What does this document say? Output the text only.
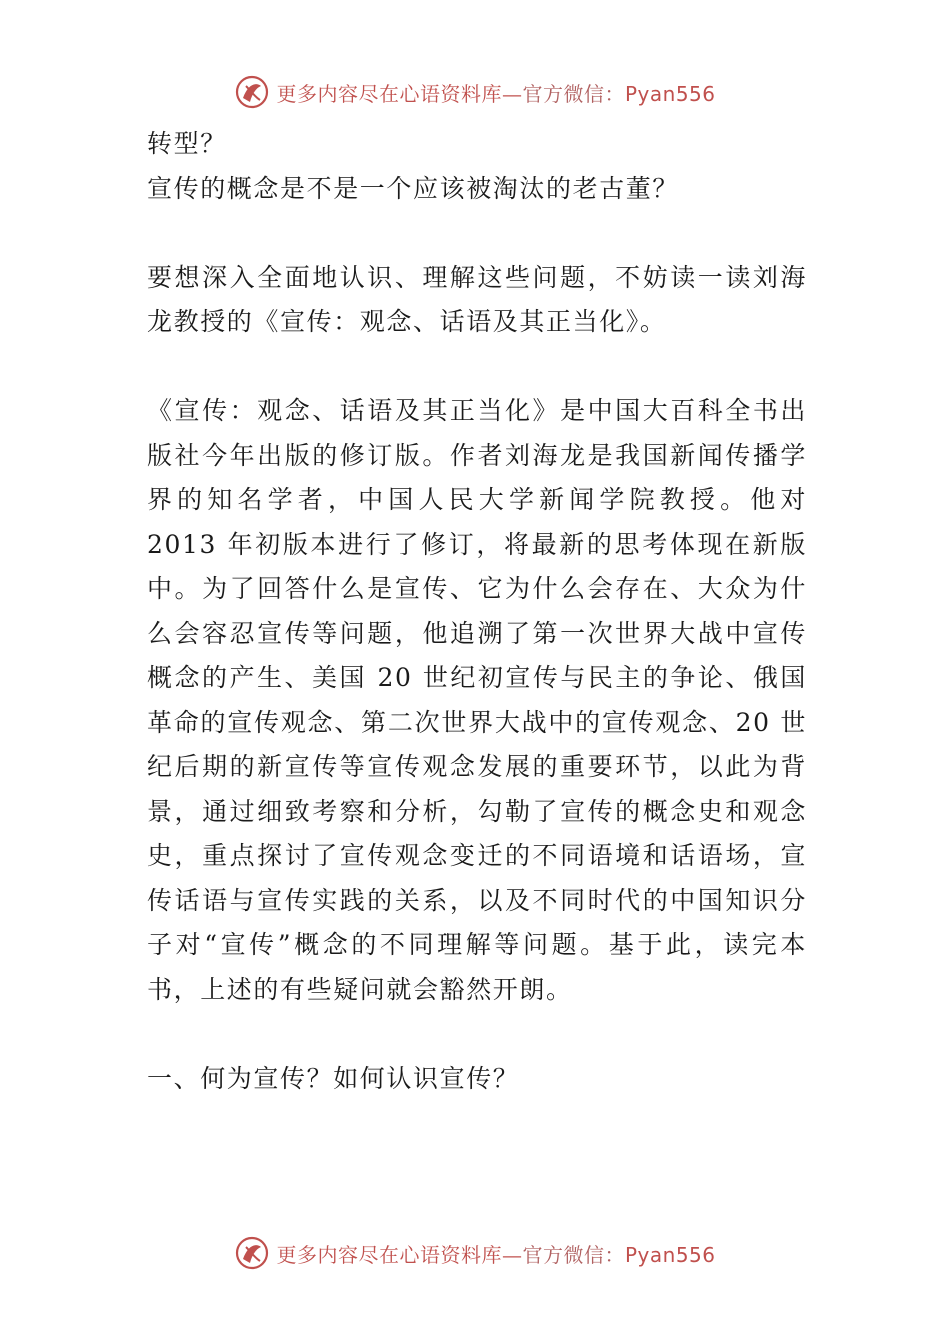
更多内容尽在心语资料库—官方微信：Pyan556

转型？

宣传的概念是不是一个应该被淘汰的老古董？

要想深入全面地认识、理解这些问题，不妨读一读刘海龙教授的《宣传：观念、话语及其正当化》。

《宣传：观念、话语及其正当化》是中国大百科全书出版社今年出版的修订版。作者刘海龙是我国新闻传播学界的知名学者，中国人民大学新闻学院教授。他对 2013 年初版本进行了修订，将最新的思考体现在新版中。为了回答什么是宣传、它为什么会存在、大众为什么会容忍宣传等问题，他追溯了第一次世界大战中宣传概念的产生、美国 20 世纪初宣传与民主的争论、俄国革命的宣传观念、第二次世界大战中的宣传观念、20 世纪后期的新宣传等宣传观念发展的重要环节，以此为背景，通过细致考察和分析，勾勒了宣传的概念史和观念史，重点探讨了宣传观念变迁的不同语境和话语场，宣传话语与宣传实践的关系，以及不同时代的中国知识分子对“宣传”概念的不同理解等问题。基于此，读完本书，上述的有些疑问就会豁然开朗。

一、何为宣传？如何认识宣传？

更多内容尽在心语资料库—官方微信：Pyan556
